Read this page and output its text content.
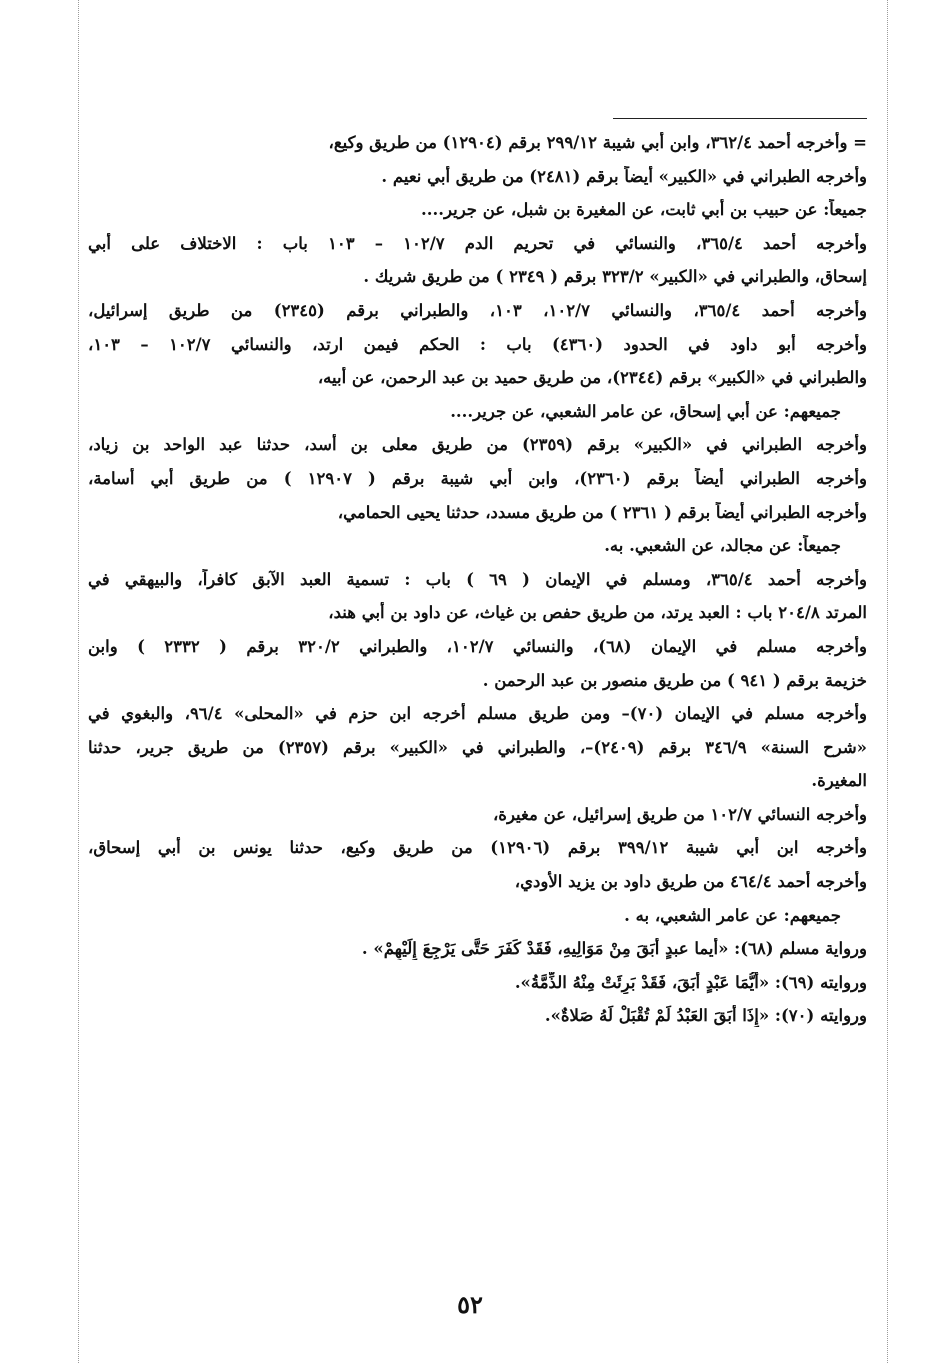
= وأخرجه أحمد ٣٦٢/٤، وابن أبي شيبة ٢٩٩/١٢ برقم (١٢٩٠٤) من طريق وكيع،
وأخرجه الطبراني في «الكبير» أيضاً برقم (٢٤٨١) من طريق أبي نعيم .
جميعاً: عن حبيب بن أبي ثابت، عن المغيرة بن شبل، عن جرير....
وأخرجه أحمد ٣٦٥/٤، والنسائي في تحريم الدم ١٠٢/٧ – ١٠٣ باب : الاختلاف على أبي
إسحاق، والطبراني في «الكبير» ٣٢٣/٢ برقم ( ٢٣٤٩ ) من طريق شريك .
وأخرجه أحمد ٣٦٥/٤، والنسائي ١٠٢/٧، ١٠٣، والطبراني برقم (٢٣٤٥) من طريق إسرائيل،
وأخرجه أبو داود في الحدود (٤٣٦٠) باب : الحكم فيمن ارتد، والنسائي ١٠٢/٧ – ١٠٣،
والطبراني في «الكبير» برقم (٢٣٤٤)، من طريق حميد بن عبد الرحمن، عن أبيه،
جميعهم: عن أبي إسحاق، عن عامر الشعبي، عن جرير....
وأخرجه الطبراني في «الكبير» برقم (٢٣٥٩) من طريق معلى بن أسد، حدثنا عبد الواحد بن زياد،
وأخرجه الطبراني أيضاً برقم (٢٣٦٠)، وابن أبي شيبة برقم ( ١٢٩٠٧ ) من طريق أبي أسامة،
وأخرجه الطبراني أيضاً برقم ( ٢٣٦١ ) من طريق مسدد، حدثنا يحيى الحمامي،
جميعاً: عن مجالد، عن الشعبي. به.
وأخرجه أحمد ٣٦٥/٤، ومسلم في الإيمان ( ٦٩ ) باب : تسمية العبد الآبق كافراً، والبيهقي في
المرتد ٢٠٤/٨ باب : العبد يرتد، من طريق حفص بن غياث، عن داود بن أبي هند،
وأخرجه مسلم في الإيمان (٦٨)، والنسائي ١٠٢/٧، والطبراني ٣٢٠/٢ برقم ( ٢٣٣٢ ) وابن
خزيمة برقم ( ٩٤١ ) من طريق منصور بن عبد الرحمن .
وأخرجه مسلم في الإيمان (٧٠)– ومن طريق مسلم أخرجه ابن حزم في «المحلى» ٩٦/٤، والبغوي في
«شرح السنة» ٣٤٦/٩ برقم (٢٤٠٩)–، والطبراني في «الكبير» برقم (٢٣٥٧) من طريق جرير، حدثنا
المغيرة.
وأخرجه النسائي ١٠٢/٧ من طريق إسرائيل، عن مغيرة،
وأخرجه ابن أبي شيبة ٣٩٩/١٢ برقم (١٢٩٠٦) من طريق وكيع، حدثنا يونس بن أبي إسحاق،
وأخرجه أحمد ٤٦٤/٤ من طريق داود بن يزيد الأودي،
جميعهم: عن عامر الشعبي، به .
ورواية مسلم (٦٨): «أيما عبدٍ أبَقَ مِنْ مَوَالِيهِ، فَقَدْ كَفَرَ حَتَّى يَرْجِعَ إِلَيْهِمْ» .
وروايته (٦٩): «أَيُّمَا عَبْدٍ أَبَقَ، فَقَدْ بَرِئَتْ مِنْهُ الذِّمَّةُ».
وروايته (٧٠): «إِذَا أَبَقَ العَبْدُ لَمْ تُقْبَلْ لَهُ صَلاةٌ».
٥٢
